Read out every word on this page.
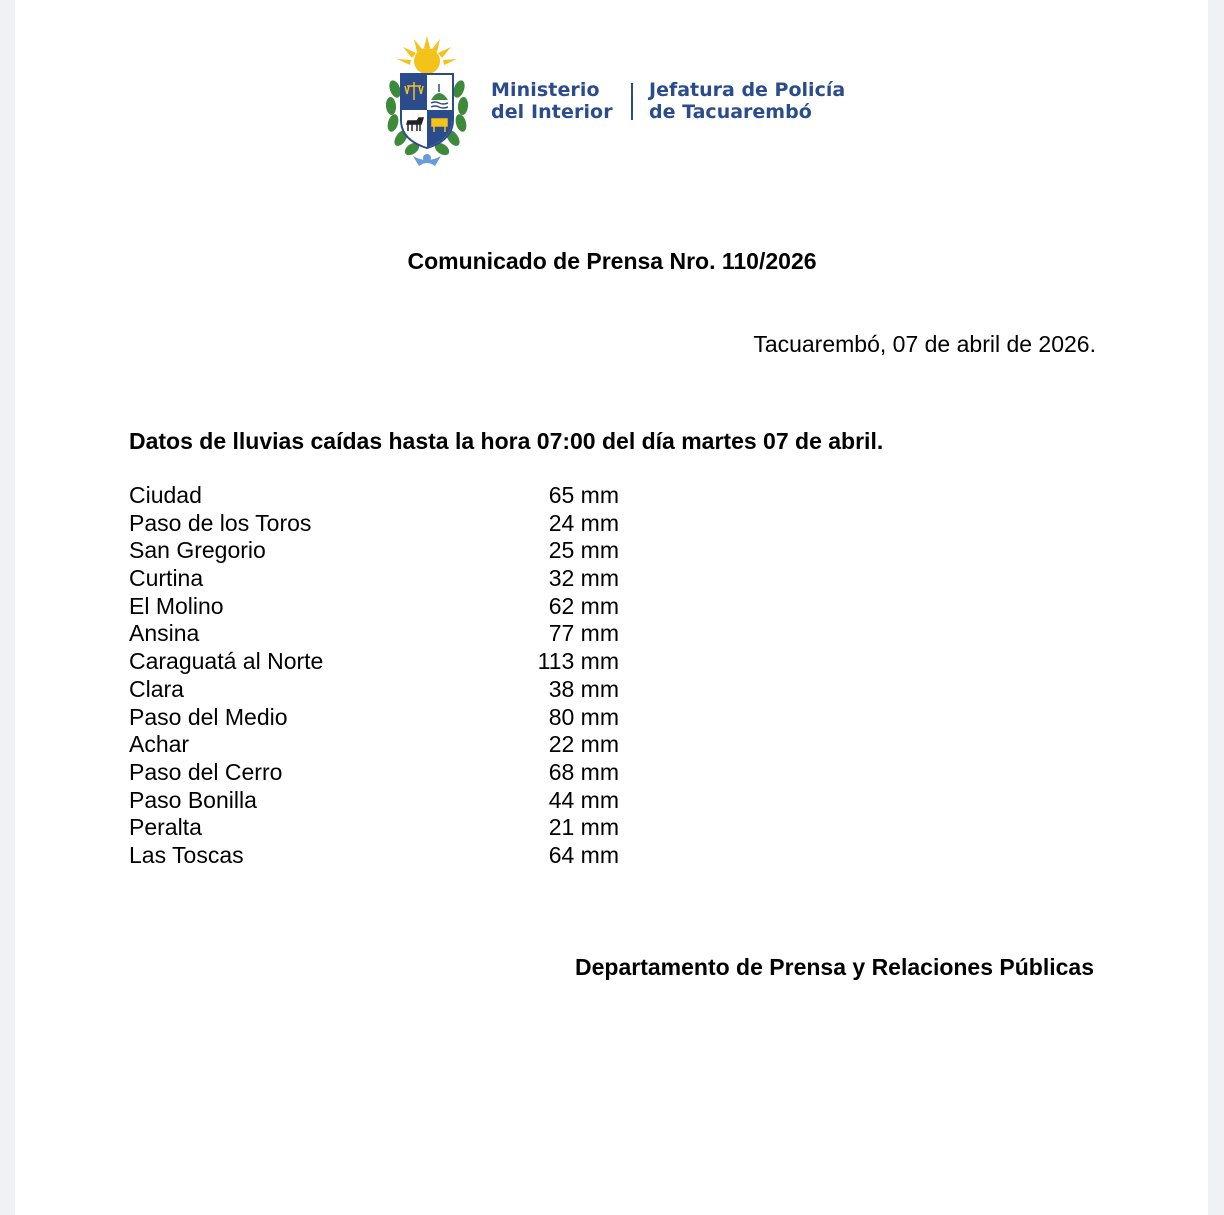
Ministerio
del Interior
Jefatura de Policía
de Tacuarembó
Comunicado de Prensa Nro. 110/2026
Tacuarembó, 07 de abril de 2026.
Datos de lluvias caídas hasta la hora 07:00 del día martes 07 de abril.
Ciudad	65 mm
Paso de los Toros	24 mm
San Gregorio	25 mm
Curtina	32 mm
El Molino	62 mm
Ansina	77 mm
Caraguatá al Norte	113 mm
Clara	38 mm
Paso del Medio	80 mm
Achar	22 mm
Paso del Cerro	68 mm
Paso Bonilla	44 mm
Peralta	21 mm
Las Toscas	64 mm
Departamento de Prensa y Relaciones Públicas
